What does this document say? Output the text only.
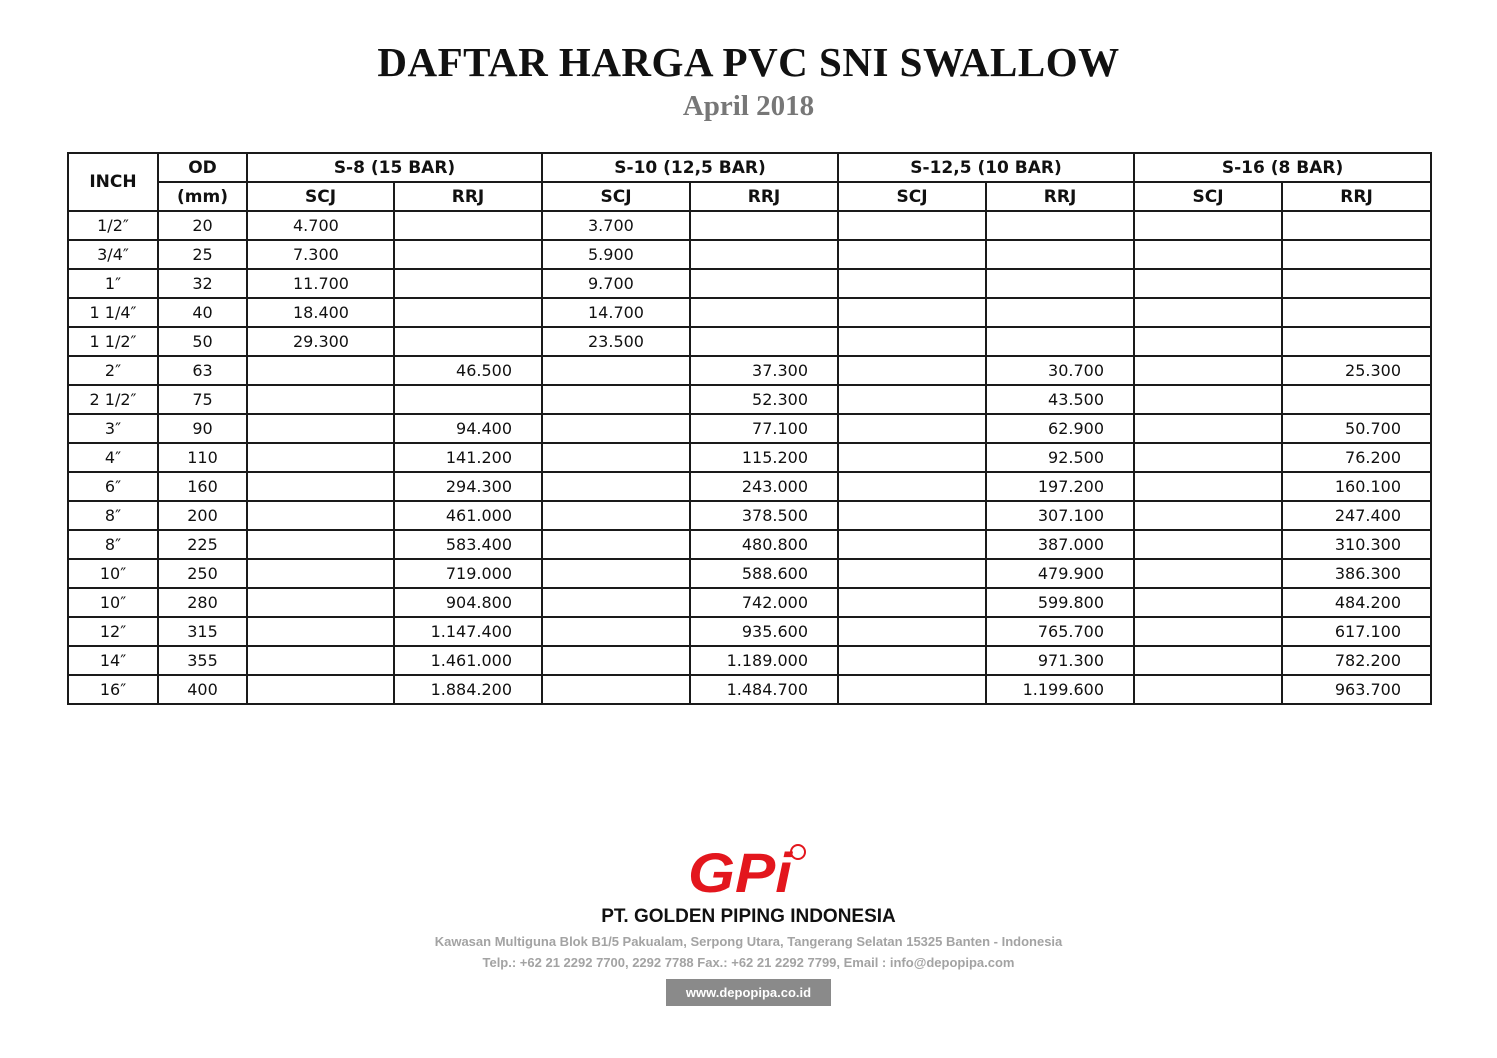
DAFTAR HARGA PVC SNI SWALLOW
April 2018
INCH	OD	S-8 (15 BAR)		S-10 (12,5 BAR)		S-12,5 (10 BAR)		S-16 (8 BAR)	
	(mm)	SCJ	RRJ	SCJ	RRJ	SCJ	RRJ	SCJ	RRJ
1/2″	20	4.700		3.700					
3/4″	25	7.300		5.900					
1″	32	11.700		9.700					
1 1/4″	40	18.400		14.700					
1 1/2″	50	29.300		23.500					
2″	63		46.500		37.300		30.700		25.300
2 1/2″	75				52.300		43.500		
3″	90		94.400		77.100		62.900		50.700
4″	110		141.200		115.200		92.500		76.200
6″	160		294.300		243.000		197.200		160.100
8″	200		461.000		378.500		307.100		247.400
8″	225		583.400		480.800		387.000		310.300
10″	250		719.000		588.600		479.900		386.300
10″	280		904.800		742.000		599.800		484.200
12″	315		1.147.400		935.600		765.700		617.100
14″	355		1.461.000		1.189.000		971.300		782.200
16″	400		1.884.200		1.484.700		1.199.600		963.700
GPi
PT. GOLDEN PIPING INDONESIA
Kawasan Multiguna Blok B1/5 Pakualam, Serpong Utara, Tangerang Selatan 15325 Banten - Indonesia
Telp.: +62 21 2292 7700, 2292 7788 Fax.: +62 21 2292 7799, Email : info@depopipa.com
www.depopipa.co.id
